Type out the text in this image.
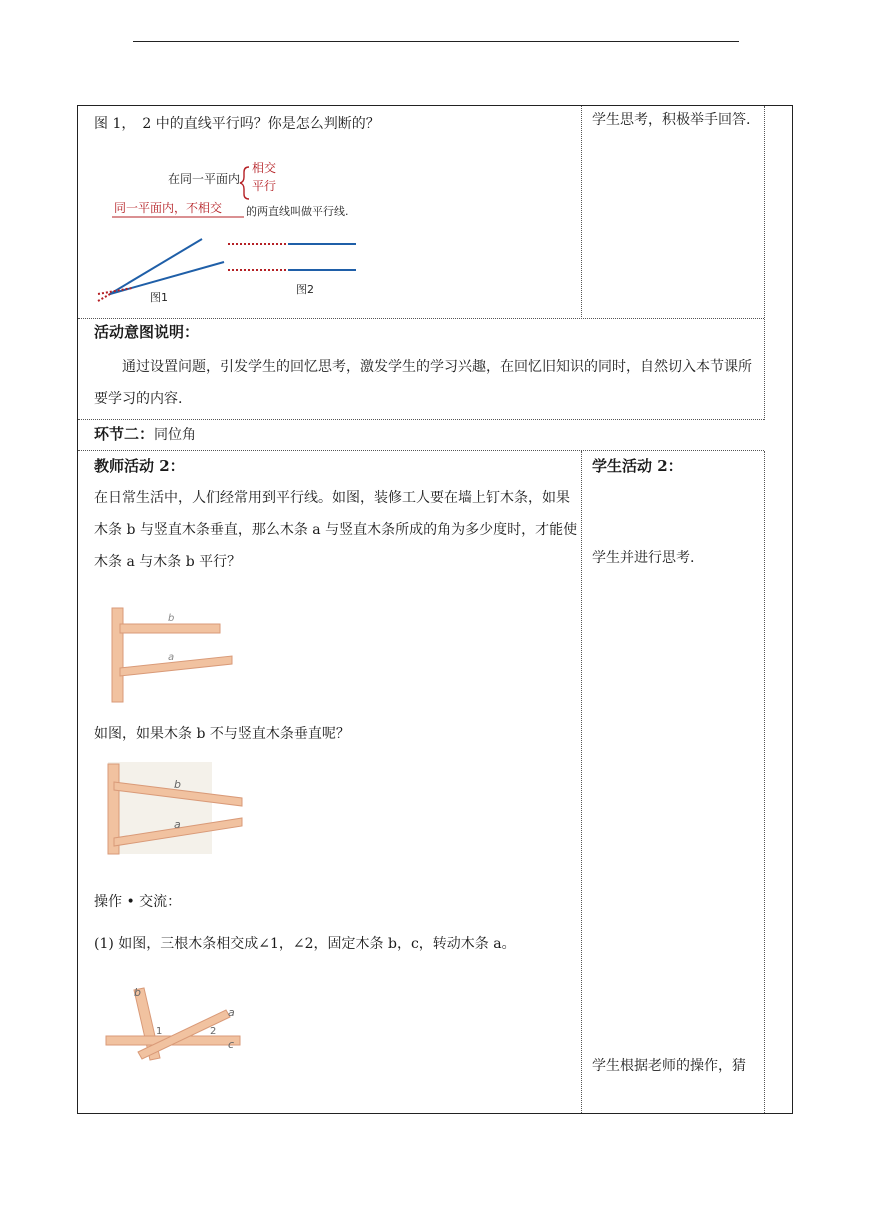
图 1，　2 中的直线平行吗？你是怎么判断的？	学生思考，积极举手回答.
在同一平面内
相交
平行
同一平面内，不相交 的两直线叫做平行线.
图1
图2
活动意图说明：
通过设置问题，引发学生的回忆思考，激发学生的学习兴趣，在回忆旧知识的同时，自然切入本节课所要学习的内容.
环节二：同位角
教师活动 2：
在日常生活中，人们经常用到平行线。如图，装修工人要在墙上钉木条，如果木条 b 与竖直木条垂直，那么木条 a 与竖直木条所成的角为多少度时，才能使木条 a 与木条 b 平行？
b
a
如图，如果木条 b 不与竖直木条垂直呢？
b
a
操作 • 交流：
(1) 如图，三根木条相交成∠1，∠2，固定木条 b，c，转动木条 a。
b
a
c
1	2
学生活动 2：
学生并进行思考.
学生根据老师的操作，猜
